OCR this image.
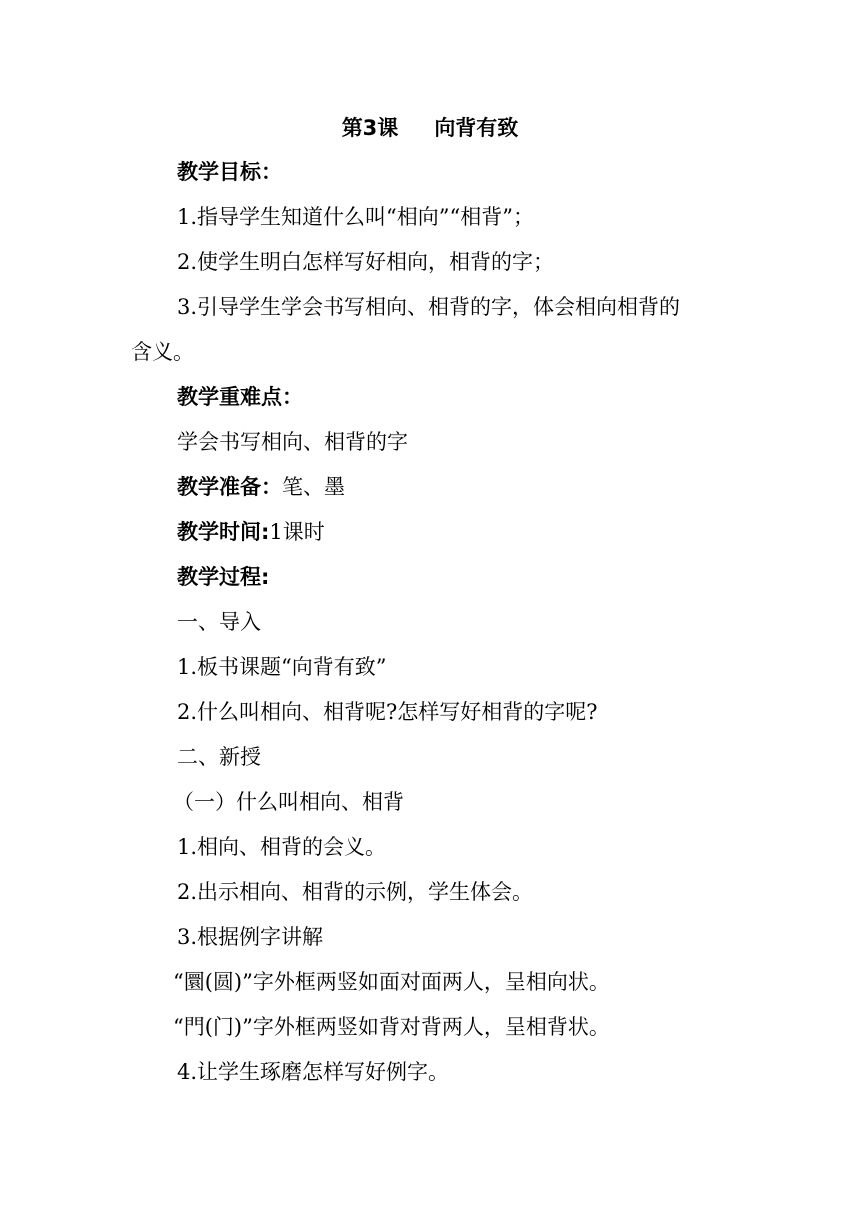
第3课 向背有致
教学目标：
1.指导学生知道什么叫“相向”“相背”；
2.使学生明白怎样写好相向，相背的字；
3.引导学生学会书写相向、相背的字，体会相向相背的
含义。
教学重难点：
学会书写相向、相背的字
教学准备：笔、墨
教学时间:1课时
教学过程:
一、导入
1.板书课题“向背有致”
2.什么叫相向、相背呢?怎样写好相背的字呢?
二、新授
（一）什么叫相向、相背
1.相向、相背的会义。
2.出示相向、相背的示例，学生体会。
3.根据例字讲解
“圜(圆)”字外框两竖如面对面两人，呈相向状。
“門(门)”字外框两竖如背对背两人，呈相背状。
4.让学生琢磨怎样写好例字。
